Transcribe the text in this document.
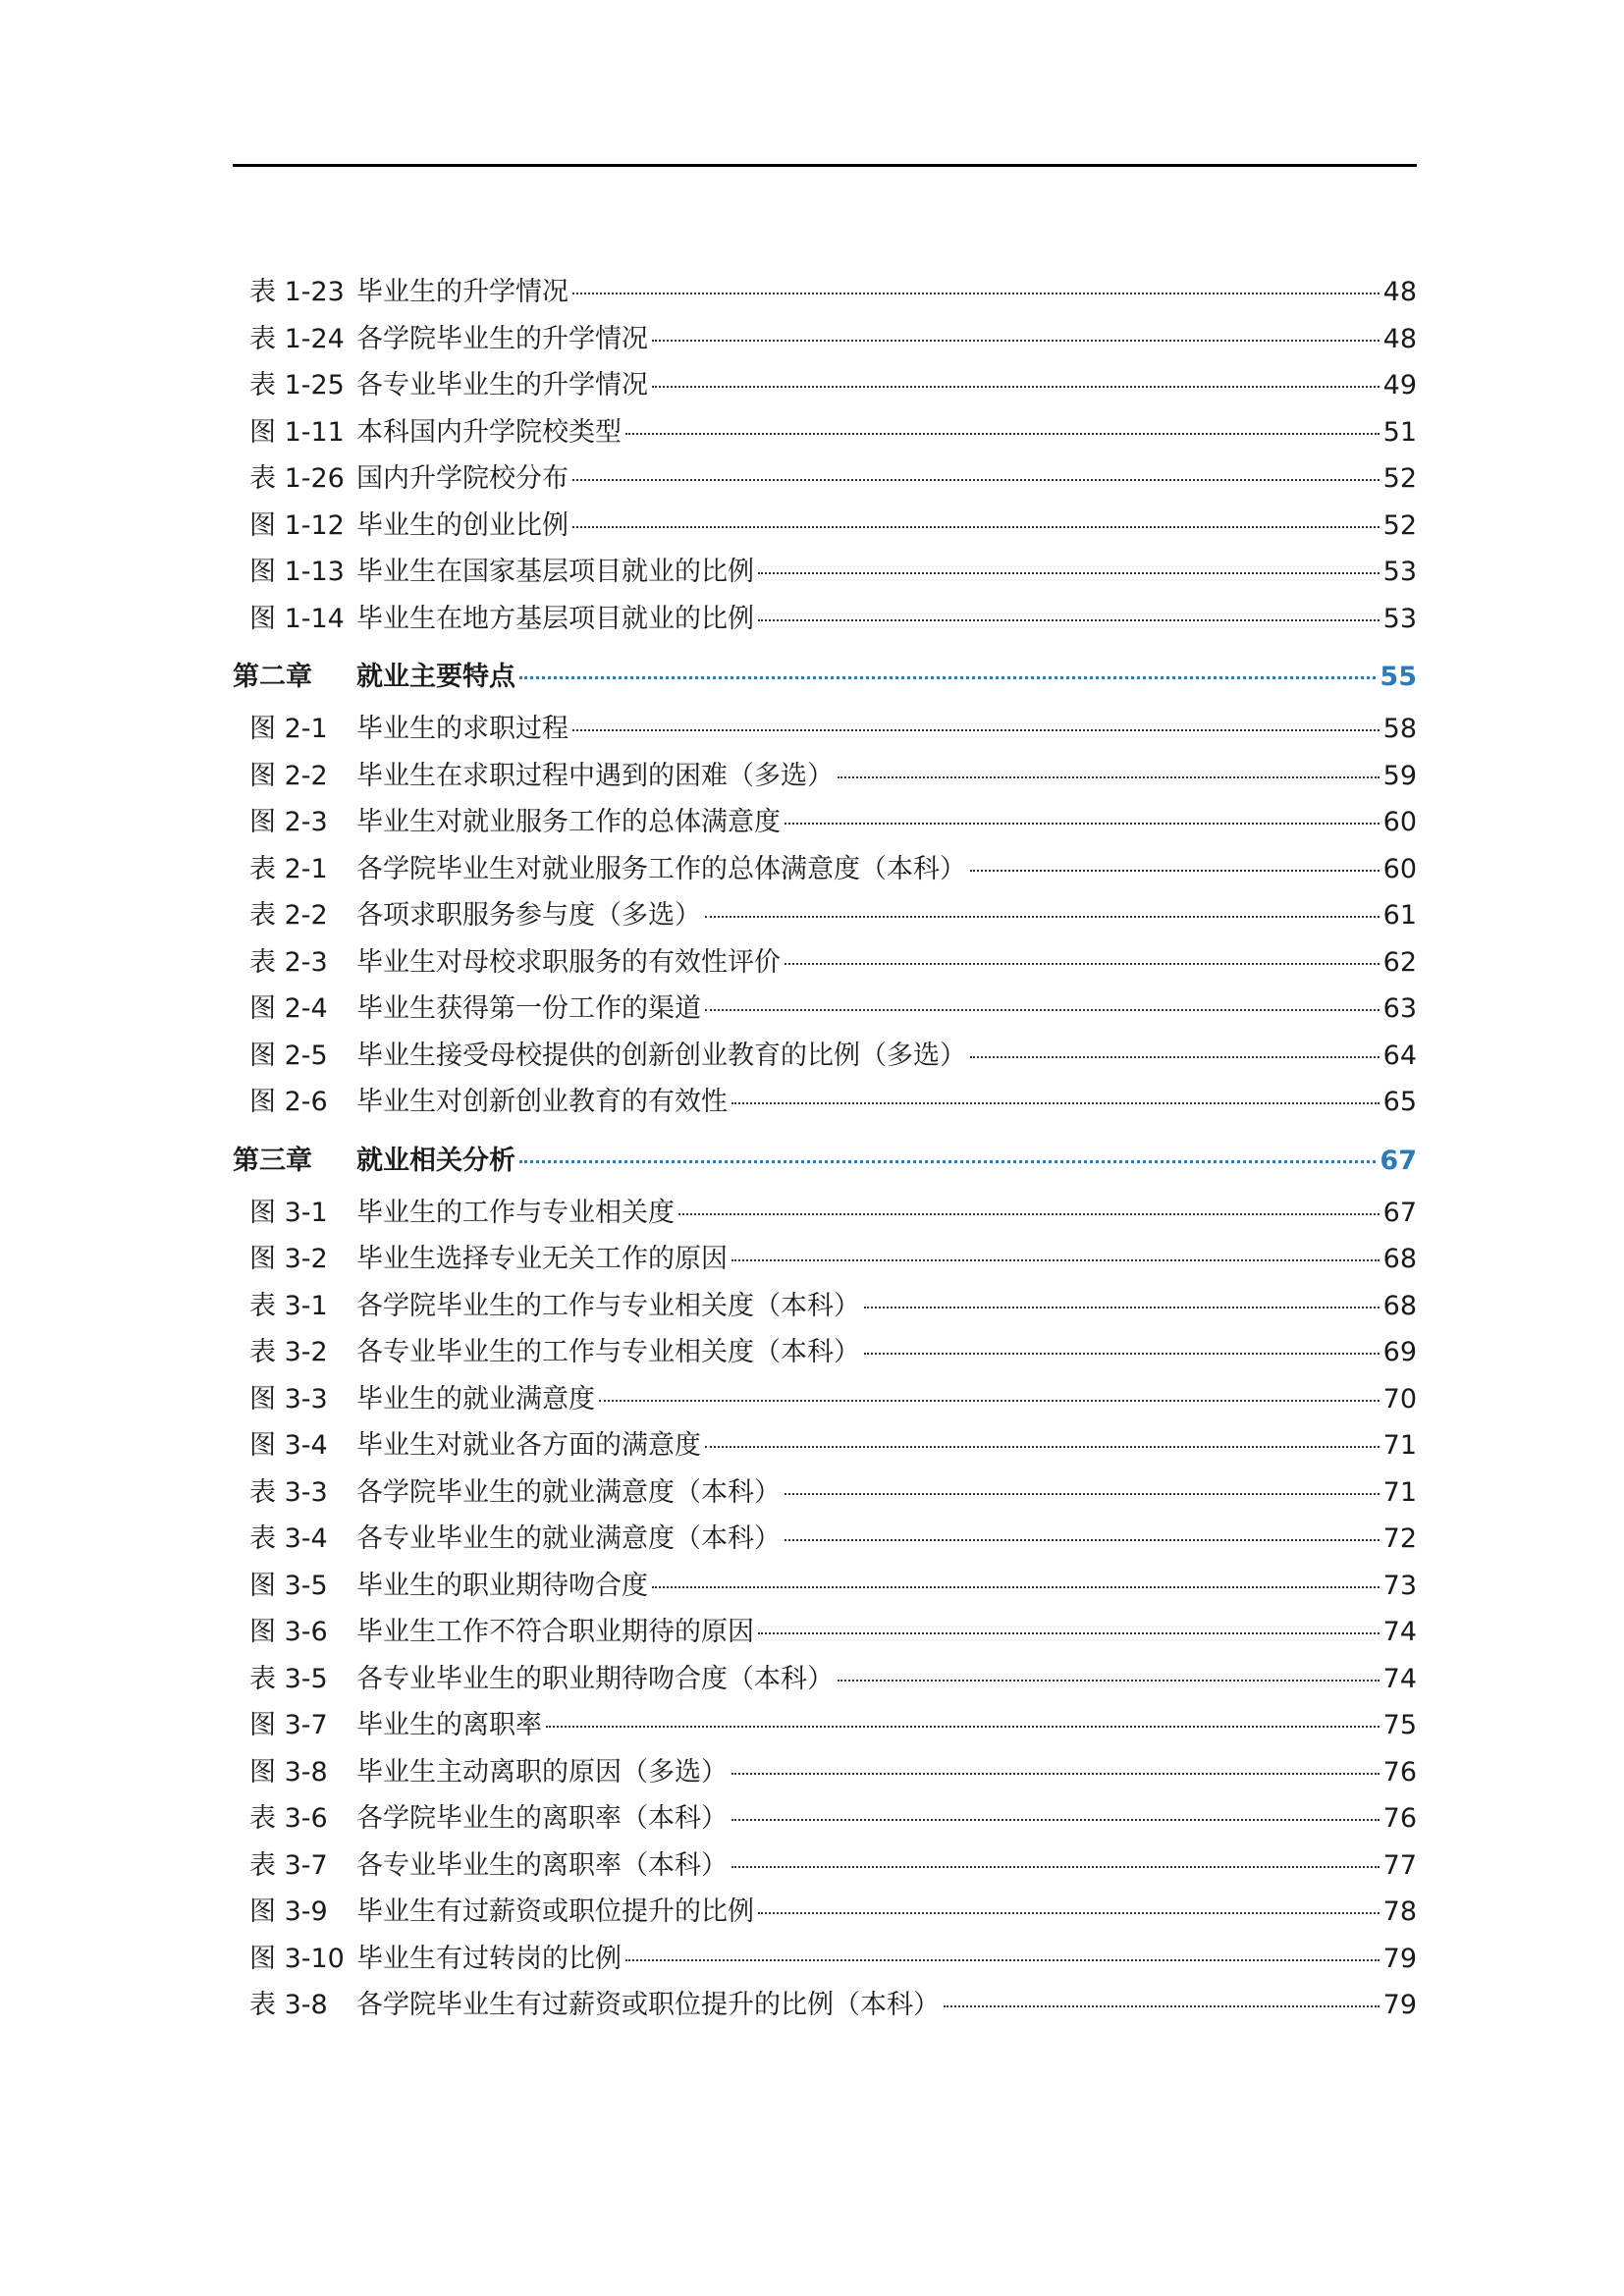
表 1-23 毕业生的升学情况	48
表 1-24 各学院毕业生的升学情况	48
表 1-25 各专业毕业生的升学情况	49
图 1-11 本科国内升学院校类型	51
表 1-26 国内升学院校分布	52
图 1-12 毕业生的创业比例	52
图 1-13 毕业生在国家基层项目就业的比例	53
图 1-14 毕业生在地方基层项目就业的比例	53
第二章	就业主要特点	55
图 2-1	毕业生的求职过程	58
图 2-2	毕业生在求职过程中遇到的困难（多选）	59
图 2-3	毕业生对就业服务工作的总体满意度	60
表 2-1	各学院毕业生对就业服务工作的总体满意度（本科）	60
表 2-2	各项求职服务参与度（多选）	61
表 2-3	毕业生对母校求职服务的有效性评价	62
图 2-4	毕业生获得第一份工作的渠道	63
图 2-5	毕业生接受母校提供的创新创业教育的比例（多选）	64
图 2-6	毕业生对创新创业教育的有效性	65
第三章	就业相关分析	67
图 3-1	毕业生的工作与专业相关度	67
图 3-2	毕业生选择专业无关工作的原因	68
表 3-1	各学院毕业生的工作与专业相关度（本科）	68
表 3-2	各专业毕业生的工作与专业相关度（本科）	69
图 3-3	毕业生的就业满意度	70
图 3-4	毕业生对就业各方面的满意度	71
表 3-3	各学院毕业生的就业满意度（本科）	71
表 3-4	各专业毕业生的就业满意度（本科）	72
图 3-5	毕业生的职业期待吻合度	73
图 3-6	毕业生工作不符合职业期待的原因	74
表 3-5	各专业毕业生的职业期待吻合度（本科）	74
图 3-7	毕业生的离职率	75
图 3-8	毕业生主动离职的原因（多选）	76
表 3-6	各学院毕业生的离职率（本科）	76
表 3-7	各专业毕业生的离职率（本科）	77
图 3-9	毕业生有过薪资或职位提升的比例	78
图 3-10 毕业生有过转岗的比例	79
表 3-8	各学院毕业生有过薪资或职位提升的比例（本科）	79
